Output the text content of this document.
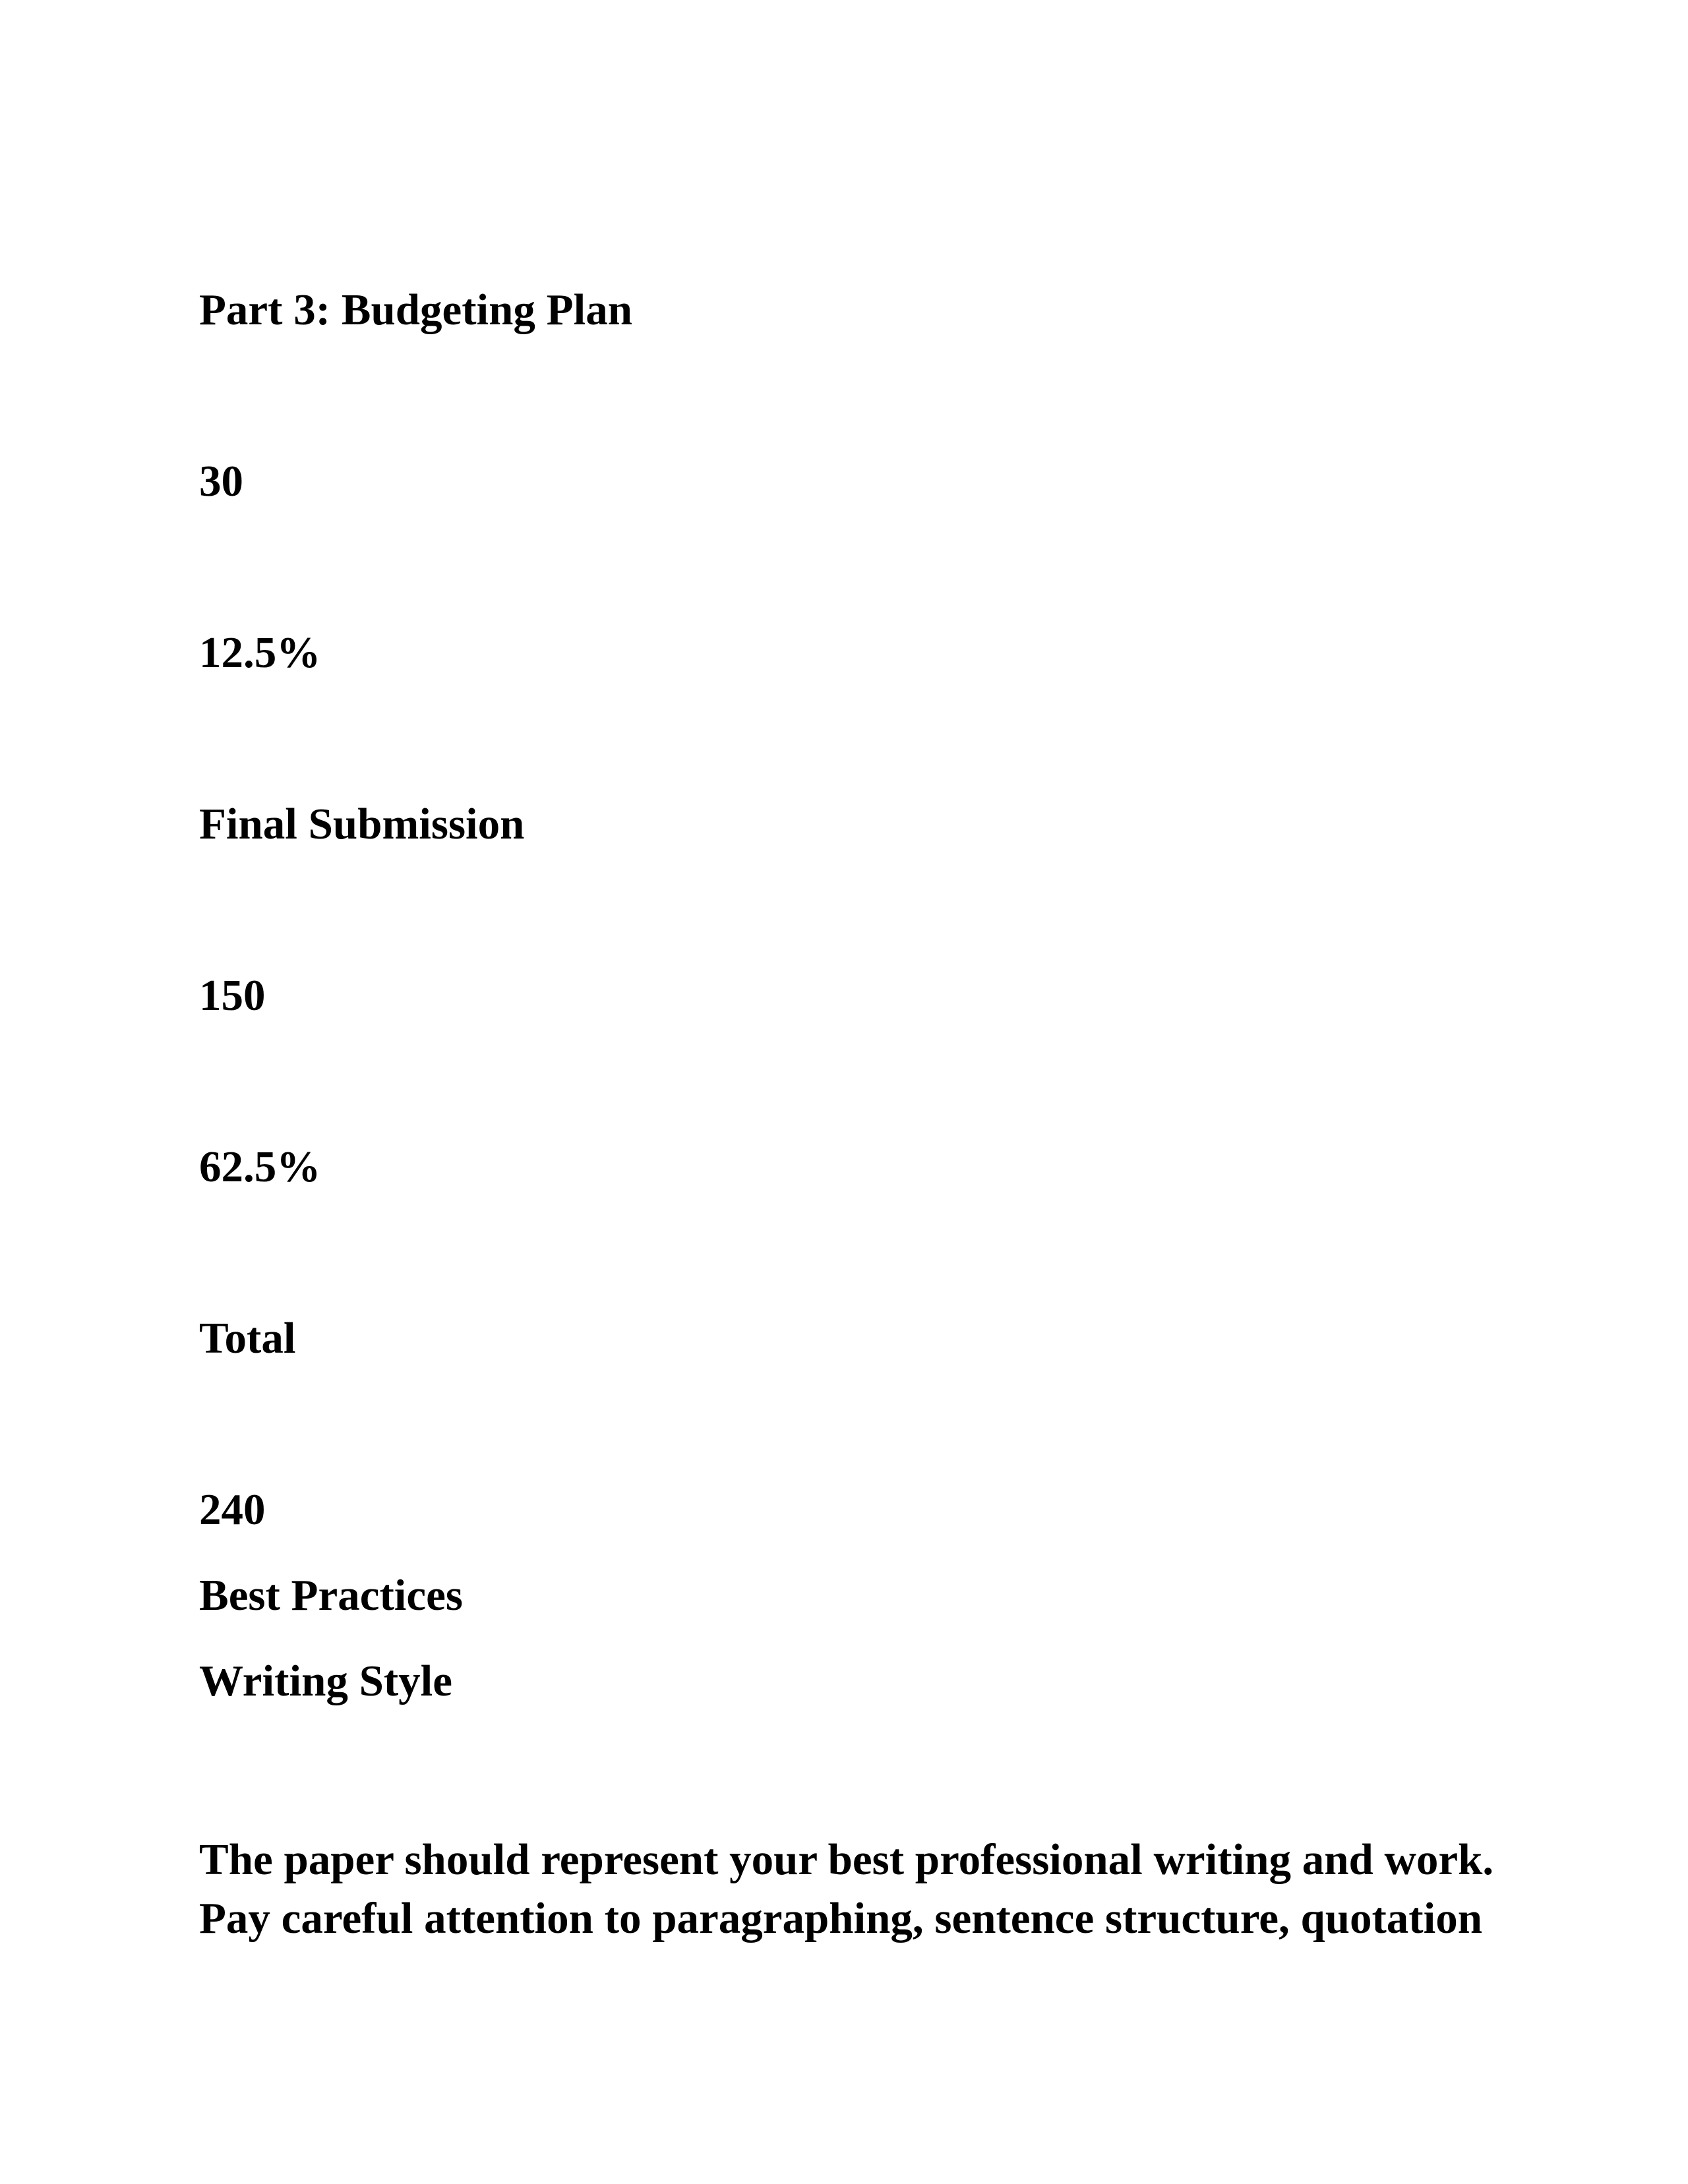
Part 3: Budgeting Plan

30

12.5%

Final Submission

150

62.5%

Total

240

Best Practices

Writing Style

The paper should represent your best professional writing and work.
Pay careful attention to paragraphing, sentence structure, quotation
